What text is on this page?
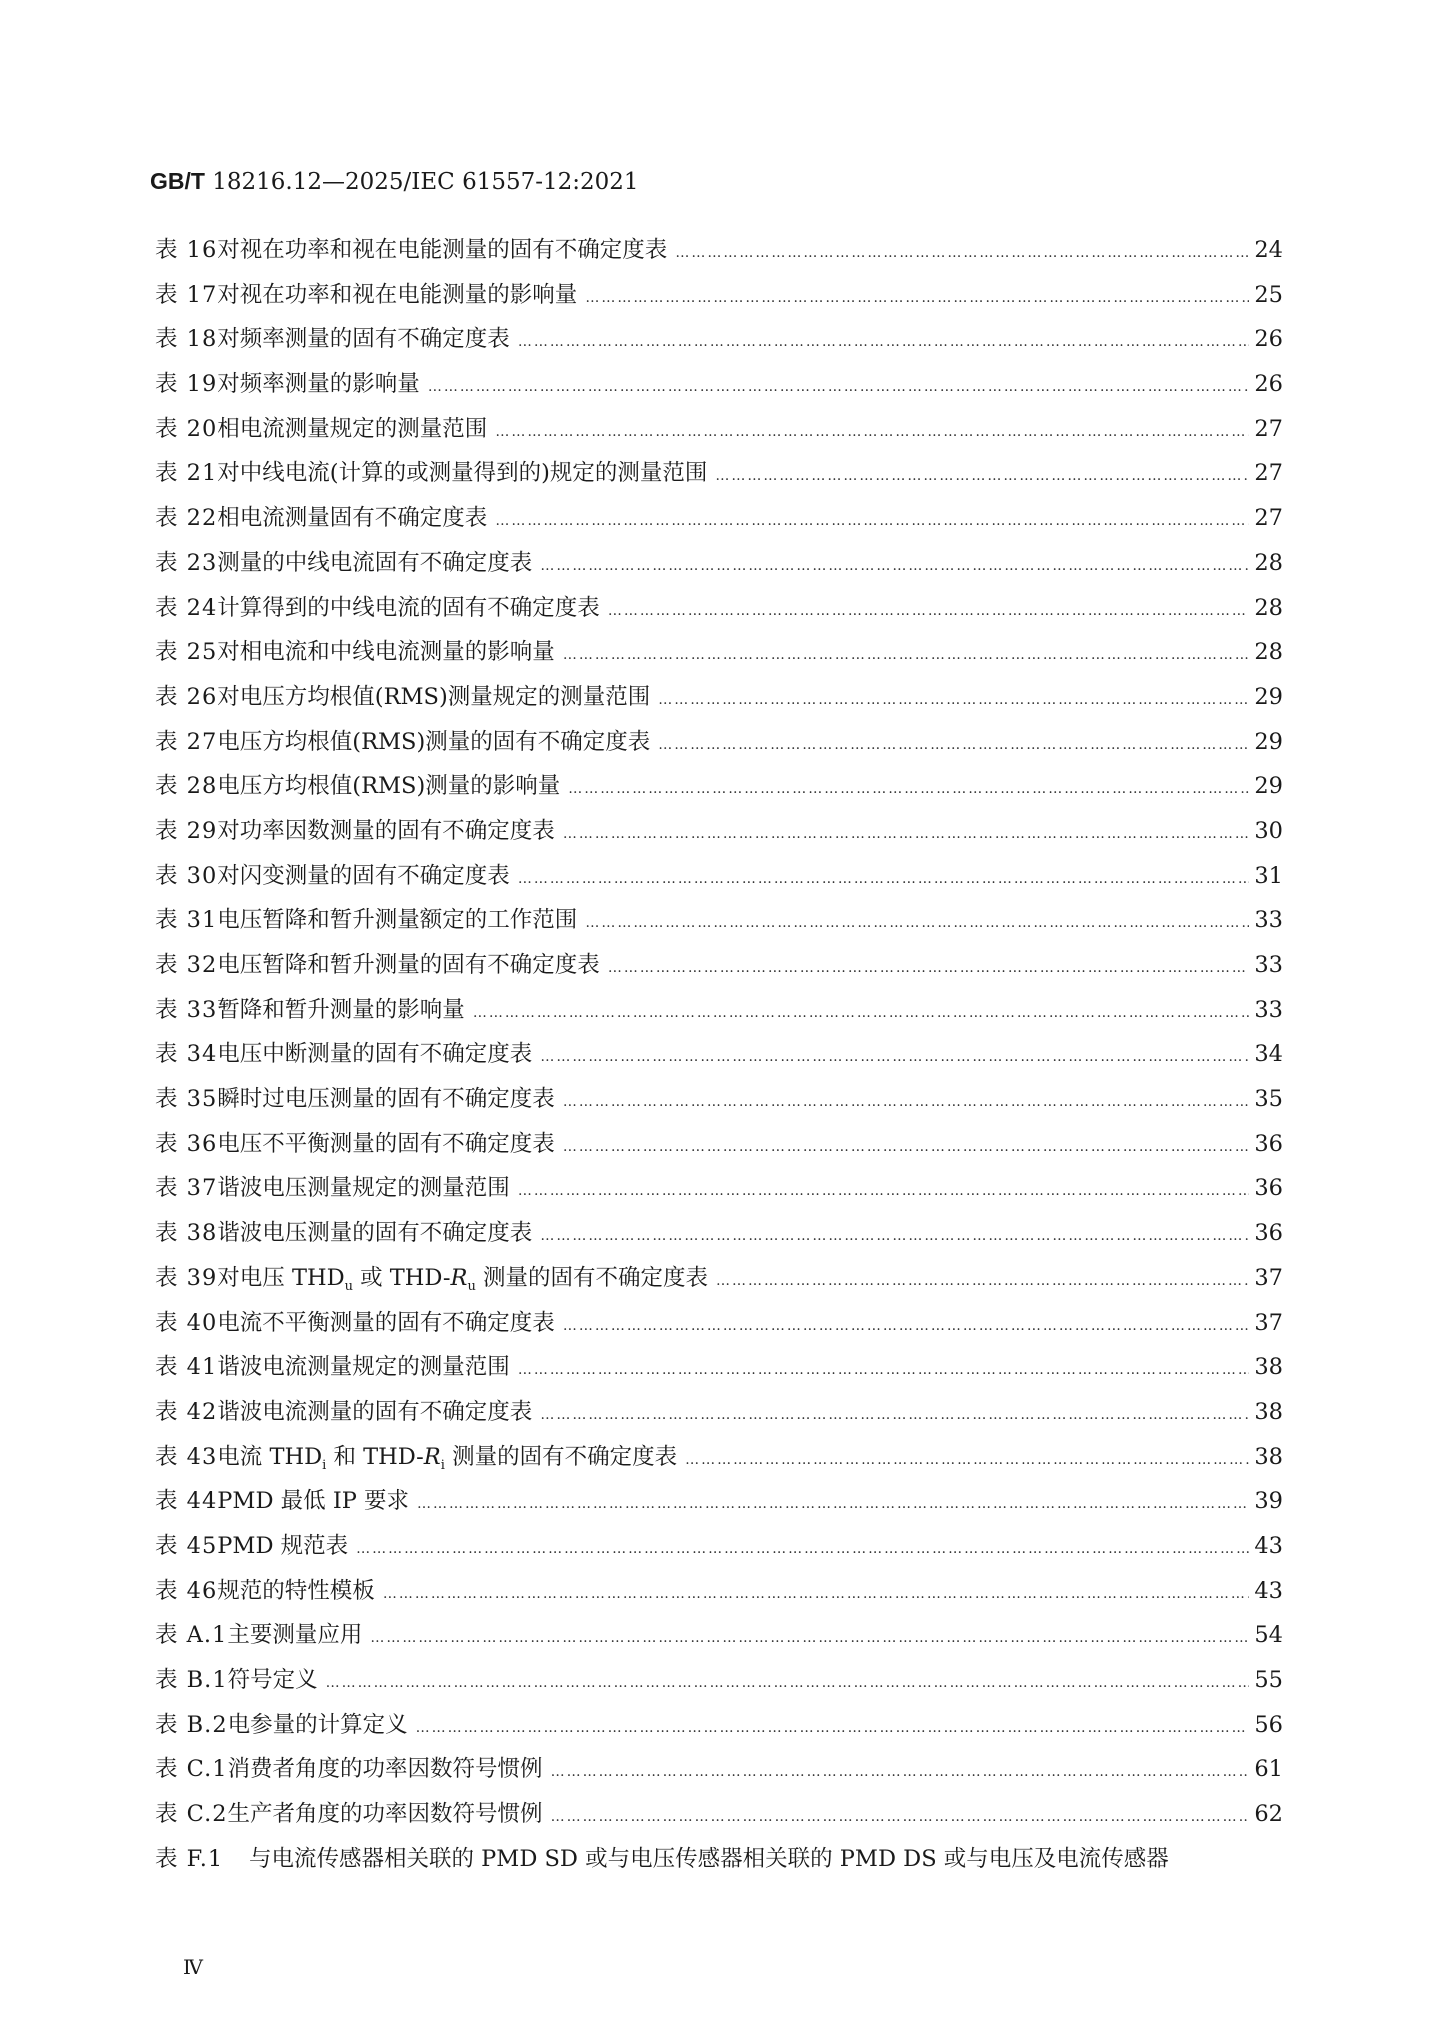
GB/T 18216.12—2025/IEC 61557-12:2021
表 16 对视在功率和视在电能测量的固有不确定度表 ……………………………………………………………………………………………………………………………………………………………………………………………………………………………………………………………………………………………………	24
表 17 对视在功率和视在电能测量的影响量 ……………………………………………………………………………………………………………………………………………………………………………………………………………………………………………………………………………………………………	25
表 18 对频率测量的固有不确定度表 ……………………………………………………………………………………………………………………………………………………………………………………………………………………………………………………………………………………………………	26
表 19 对频率测量的影响量 ……………………………………………………………………………………………………………………………………………………………………………………………………………………………………………………………………………………………………	26
表 20 相电流测量规定的测量范围 ……………………………………………………………………………………………………………………………………………………………………………………………………………………………………………………………………………………………………	27
表 21 对中线电流(计算的或测量得到的)规定的测量范围 ……………………………………………………………………………………………………………………………………………………………………………………………………………………………………………………………………………………………………	27
表 22 相电流测量固有不确定度表 ……………………………………………………………………………………………………………………………………………………………………………………………………………………………………………………………………………………………………	27
表 23 测量的中线电流固有不确定度表 ……………………………………………………………………………………………………………………………………………………………………………………………………………………………………………………………………………………………………	28
表 24 计算得到的中线电流的固有不确定度表 ……………………………………………………………………………………………………………………………………………………………………………………………………………………………………………………………………………………………………	28
表 25 对相电流和中线电流测量的影响量 ……………………………………………………………………………………………………………………………………………………………………………………………………………………………………………………………………………………………………	28
表 26 对电压方均根值(RMS)测量规定的测量范围 ……………………………………………………………………………………………………………………………………………………………………………………………………………………………………………………………………………………………………	29
表 27 电压方均根值(RMS)测量的固有不确定度表 ……………………………………………………………………………………………………………………………………………………………………………………………………………………………………………………………………………………………………	29
表 28 电压方均根值(RMS)测量的影响量 ……………………………………………………………………………………………………………………………………………………………………………………………………………………………………………………………………………………………………	29
表 29 对功率因数测量的固有不确定度表 ……………………………………………………………………………………………………………………………………………………………………………………………………………………………………………………………………………………………………	30
表 30 对闪变测量的固有不确定度表 ……………………………………………………………………………………………………………………………………………………………………………………………………………………………………………………………………………………………………	31
表 31 电压暂降和暂升测量额定的工作范围 ……………………………………………………………………………………………………………………………………………………………………………………………………………………………………………………………………………………………………	33
表 32 电压暂降和暂升测量的固有不确定度表 ……………………………………………………………………………………………………………………………………………………………………………………………………………………………………………………………………………………………………	33
表 33 暂降和暂升测量的影响量 ……………………………………………………………………………………………………………………………………………………………………………………………………………………………………………………………………………………………………	33
表 34 电压中断测量的固有不确定度表 ……………………………………………………………………………………………………………………………………………………………………………………………………………………………………………………………………………………………………	34
表 35 瞬时过电压测量的固有不确定度表 ……………………………………………………………………………………………………………………………………………………………………………………………………………………………………………………………………………………………………	35
表 36 电压不平衡测量的固有不确定度表 ……………………………………………………………………………………………………………………………………………………………………………………………………………………………………………………………………………………………………	36
表 37 谐波电压测量规定的测量范围 ……………………………………………………………………………………………………………………………………………………………………………………………………………………………………………………………………………………………………	36
表 38 谐波电压测量的固有不确定度表 ……………………………………………………………………………………………………………………………………………………………………………………………………………………………………………………………………………………………………	36
表 39 对电压 $THD_u$ 或 THD-$R_u$ 测量的固有不确定度表 ……………………………………………………………………………………………………………………………………………………………………………………………………………………………………………………………………………………………………	37
表 40 电流不平衡测量的固有不确定度表 ……………………………………………………………………………………………………………………………………………………………………………………………………………………………………………………………………………………………………	37
表 41 谐波电流测量规定的测量范围 ……………………………………………………………………………………………………………………………………………………………………………………………………………………………………………………………………………………………………	38
表 42 谐波电流测量的固有不确定度表 ……………………………………………………………………………………………………………………………………………………………………………………………………………………………………………………………………………………………………	38
表 43 电流 $THD_i$ 和 THD-$R_i$ 测量的固有不确定度表 ……………………………………………………………………………………………………………………………………………………………………………………………………………………………………………………………………………………………………	38
表 44 PMD 最低 IP 要求 ……………………………………………………………………………………………………………………………………………………………………………………………………………………………………………………………………………………………………	39
表 45 PMD 规范表 ……………………………………………………………………………………………………………………………………………………………………………………………………………………………………………………………………………………………………	43
表 46 规范的特性模板 ……………………………………………………………………………………………………………………………………………………………………………………………………………………………………………………………………………………………………	43
表 A.1 主要测量应用 ……………………………………………………………………………………………………………………………………………………………………………………………………………………………………………………………………………………………………	54
表 B.1 符号定义 ……………………………………………………………………………………………………………………………………………………………………………………………………………………………………………………………………………………………………	55
表 B.2 电参量的计算定义 ……………………………………………………………………………………………………………………………………………………………………………………………………………………………………………………………………………………………………	56
表 C.1 消费者角度的功率因数符号惯例 ……………………………………………………………………………………………………………………………………………………………………………………………………………………………………………………………………………………………………	61
表 C.2 生产者角度的功率因数符号惯例 ……………………………………………………………………………………………………………………………………………………………………………………………………………………………………………………………………………………………………	62
表 F.1	与电流传感器相关联的 PMD SD 或与电压传感器相关联的 PMD DS 或与电压及电流传感器
Ⅳ
